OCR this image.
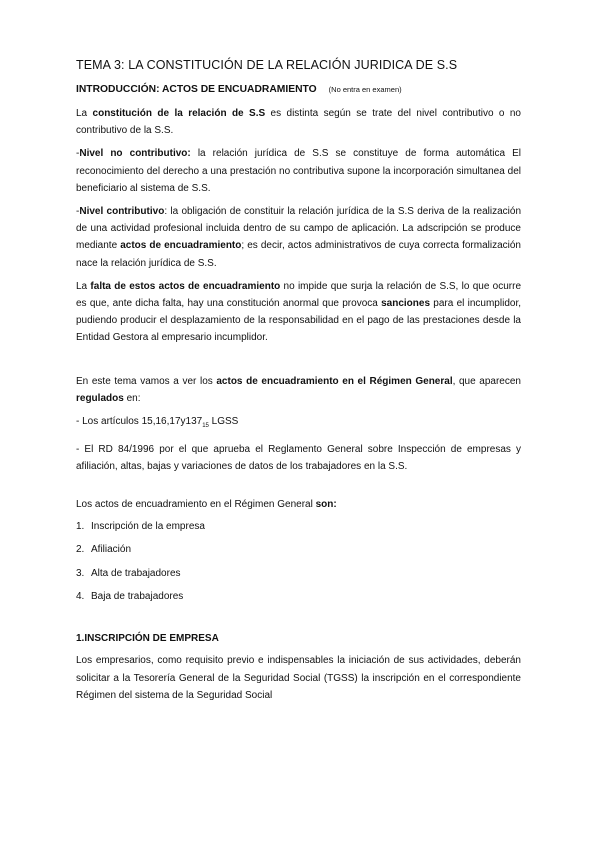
TEMA 3: LA CONSTITUCIÓN DE LA RELACIÓN JURIDICA DE S.S
INTRODUCCIÓN: ACTOS DE ENCUADRAMIENTO (No entra en examen)

La constitución de la relación de S.S es distinta según se trate del nivel contributivo o no contributivo de la S.S.

-Nivel no contributivo: la relación jurídica de S.S se constituye de forma automática El reconocimiento del derecho a una prestación no contributiva supone la incorporación simultanea del beneficiario al sistema de S.S.

-Nivel contributivo: la obligación de constituir la relación jurídica de la S.S deriva de la realización de una actividad profesional incluida dentro de su campo de aplicación. La adscripción se produce mediante actos de encuadramiento; es decir, actos administrativos de cuya correcta formalización nace la relación jurídica de S.S.

La falta de estos actos de encuadramiento no impide que surja la relación de S.S, lo que ocurre es que, ante dicha falta, hay una constitución anormal que provoca sanciones para el incumplidor, pudiendo producir el desplazamiento de la responsabilidad en el pago de las prestaciones desde la Entidad Gestora al empresario incumplidor.

En este tema vamos a ver los actos de encuadramiento en el Régimen General, que aparecen regulados en:

- Los artículos $15,16,17y137_{15}$ LGSS

- El RD 84/1996 por el que aprueba el Reglamento General sobre Inspección de empresas y afiliación, altas, bajas y variaciones de datos de los trabajadores en la S.S.

Los actos de encuadramiento en el Régimen General son:

1. Inscripción de la empresa
2. Afiliación
3. Alta de trabajadores
4. Baja de trabajadores
1.INSCRIPCIÓN DE EMPRESA

Los empresarios, como requisito previo e indispensables la iniciación de sus actividades, deberán solicitar a la Tesorería General de la Seguridad Social (TGSS) la inscripción en el correspondiente Régimen del sistema de la Seguridad Social
